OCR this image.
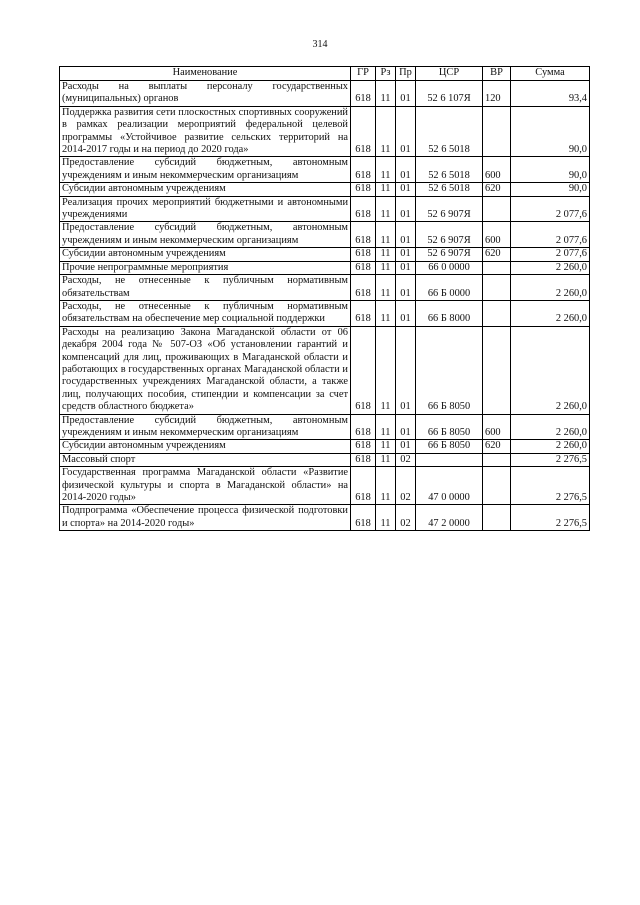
314
Наименование	ГР	Рз	Пр	ЦСР	ВР	Сумма
Расходы на выплаты персоналу государственных (муниципальных) органов	618	11	01	52 6 107Я	120	93,4
Поддержка развития сети плоскостных спортивных сооружений в рамках реализации мероприятий федеральной целевой программы «Устойчивое развитие сельских территорий на 2014-2017 годы и на период до 2020 года»	618	11	01	52 6 5018		90,0
Предоставление субсидий бюджетным, автономным учреждениям и иным некоммерческим организациям	618	11	01	52 6 5018	600	90,0
Субсидии автономным учреждениям	618	11	01	52 6 5018	620	90,0
Реализация прочих мероприятий бюджетными и автономными учреждениями	618	11	01	52 6 907Я		2 077,6
Предоставление субсидий бюджетным, автономным учреждениям и иным некоммерческим организациям	618	11	01	52 6 907Я	600	2 077,6
Субсидии автономным учреждениям	618	11	01	52 6 907Я	620	2 077,6
Прочие непрограммные мероприятия	618	11	01	66 0 0000		2 260,0
Расходы, не отнесенные к публичным нормативным обязательствам	618	11	01	66 Б 0000		2 260,0
Расходы, не отнесенные к публичным нормативным обязательствам на обеспечение мер социальной поддержки	618	11	01	66 Б 8000		2 260,0
Расходы на реализацию Закона Магаданской области от 06 декабря 2004 года № 507-ОЗ «Об установлении гарантий и компенсаций для лиц, проживающих в Магаданской области и работающих в государственных органах Магаданской области и государственных учреждениях Магаданской области, а также лиц, получающих пособия, стипендии и компенсации за счет средств областного бюджета»	618	11	01	66 Б 8050		2 260,0
Предоставление субсидий бюджетным, автономным учреждениям и иным некоммерческим организациям	618	11	01	66 Б 8050	600	2 260,0
Субсидии автономным учреждениям	618	11	01	66 Б 8050	620	2 260,0
Массовый спорт	618	11	02			2 276,5
Государственная программа Магаданской области «Развитие физической культуры и спорта в Магаданской области» на 2014-2020 годы»	618	11	02	47 0 0000		2 276,5
Подпрограмма «Обеспечение процесса физической подготовки и спорта» на 2014-2020 годы»	618	11	02	47 2 0000		2 276,5
